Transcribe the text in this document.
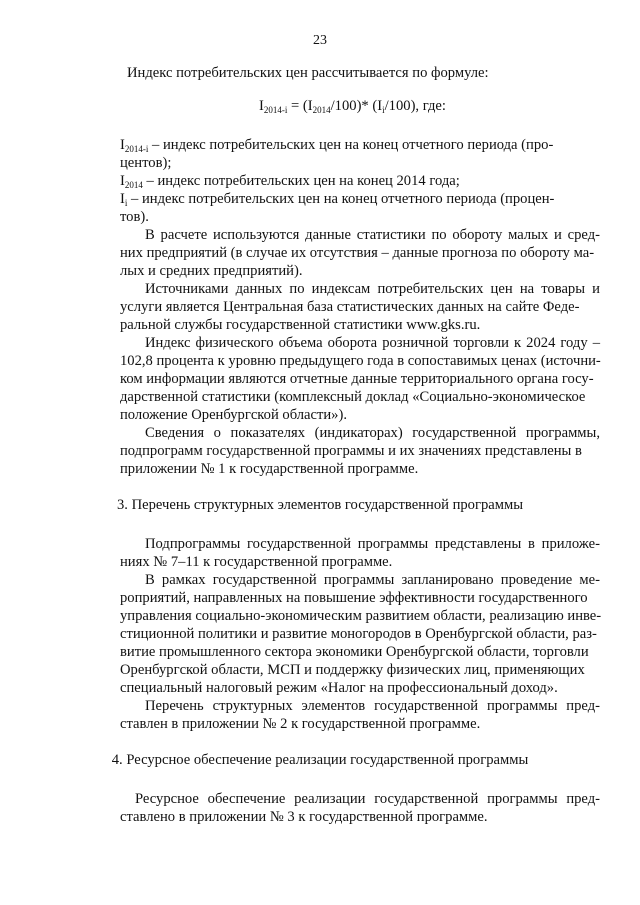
23
Индекс потребительских цен рассчитывается по формуле:
$I_{2014-i} = (I_{2014}/100)*$ $(I_i/100)$, где:
$I_{2014-i}$ – индекс потребительских цен на конец отчетного периода (про-
центов);
$I_{2014}$ – индекс потребительских цен на конец 2014 года;
$I_i$ – индекс потребительских цен на конец отчетного периода (процен-
тов).
В расчете используются данные статистики по обороту малых и сред-
них предприятий (в случае их отсутствия – данные прогноза по обороту ма-
лых и средних предприятий).
Источниками данных по индексам потребительских цен на товары и
услуги является Центральная база статистических данных на сайте Феде-
ральной службы государственной статистики www.gks.ru.
Индекс физического объема оборота розничной торговли к 2024 году –
102,8 процента к уровню предыдущего года в сопоставимых ценах (источни-
ком информации являются отчетные данные территориального органа госу-
дарственной статистики (комплексный доклад «Социально-экономическое
положение Оренбургской области»).
Сведения о показателях (индикаторах) государственной программы,
подпрограмм государственной программы и их значениях представлены в
приложении № 1 к государственной программе.
3. Перечень структурных элементов государственной программы
Подпрограммы государственной программы представлены в приложе-
ниях № 7–11 к государственной программе.
В рамках государственной программы запланировано проведение ме-
роприятий, направленных на повышение эффективности государственного
управления социально-экономическим развитием области, реализацию инве-
стиционной политики и развитие моногородов в Оренбургской области, раз-
витие промышленного сектора экономики Оренбургской области, торговли
Оренбургской области, МСП и поддержку физических лиц, применяющих
специальный налоговый режим «Налог на профессиональный доход».
Перечень структурных элементов государственной программы пред-
ставлен в приложении № 2 к государственной программе.
4. Ресурсное обеспечение реализации государственной программы
Ресурсное обеспечение реализации государственной программы пред-
ставлено в приложении № 3 к государственной программе.
